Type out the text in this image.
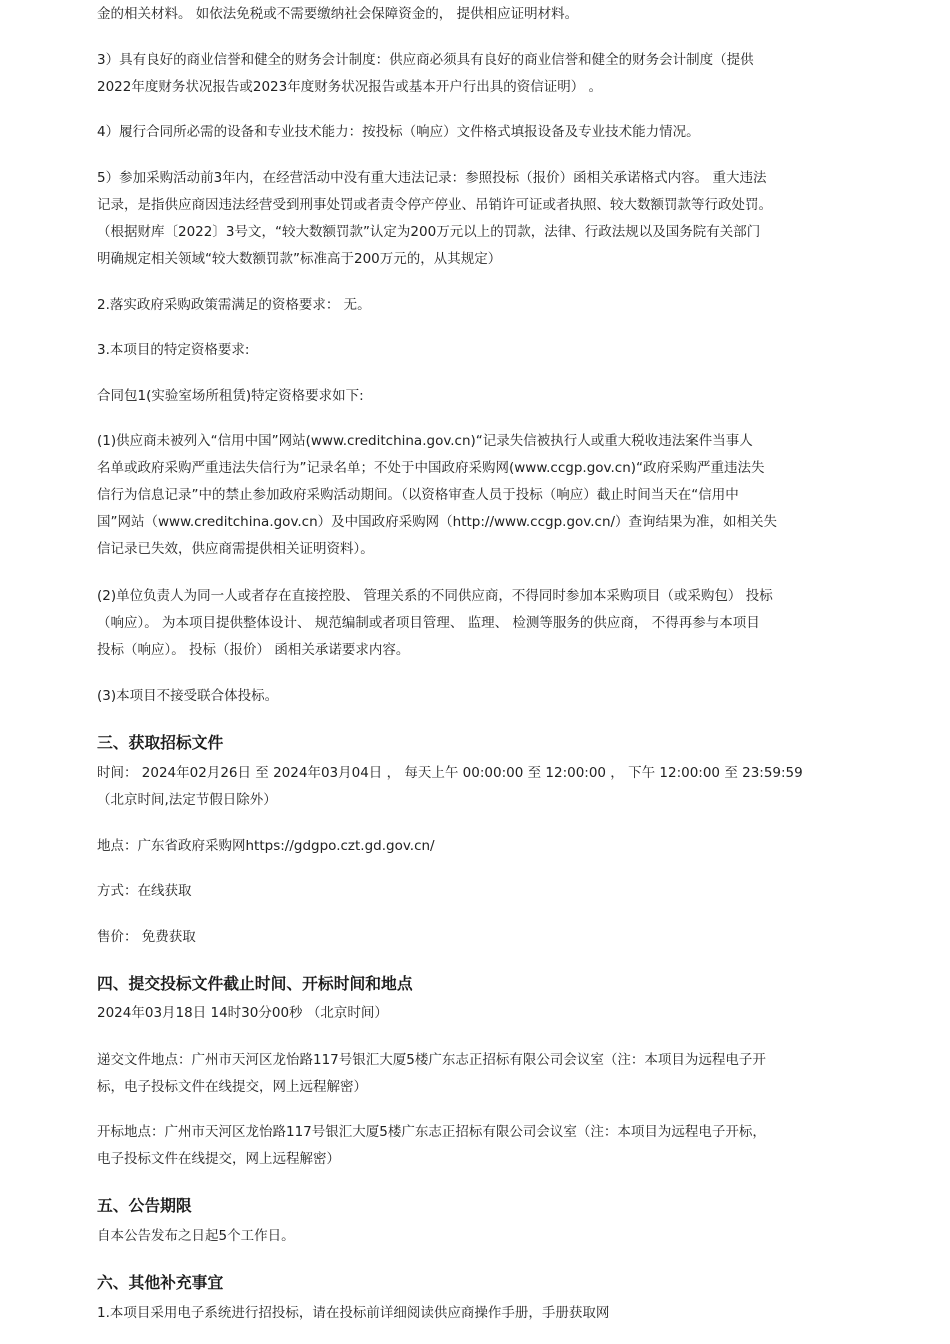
金的相关材料。 如依法免税或不需要缴纳社会保障资金的， 提供相应证明材料。

3）具有良好的商业信誉和健全的财务会计制度：供应商必须具有良好的商业信誉和健全的财务会计制度（提供
2022年度财务状况报告或2023年度财务状况报告或基本开户行出具的资信证明） 。

4）履行合同所必需的设备和专业技术能力：按投标（响应）文件格式填报设备及专业技术能力情况。

5）参加采购活动前3年内，在经营活动中没有重大违法记录：参照投标（报价）函相关承诺格式内容。 重大违法
记录，是指供应商因违法经营受到刑事处罚或者责令停产停业、吊销许可证或者执照、较大数额罚款等行政处罚。
（根据财库〔2022〕3号文，“较大数额罚款”认定为200万元以上的罚款，法律、行政法规以及国务院有关部门
明确规定相关领域“较大数额罚款”标准高于200万元的，从其规定）

2.落实政府采购政策需满足的资格要求： 无。

3.本项目的特定资格要求:

合同包1(实验室场所租赁)特定资格要求如下:

(1)供应商未被列入“信用中国”网站(www.creditchina.gov.cn)“记录失信被执行人或重大税收违法案件当事人
名单或政府采购严重违法失信行为”记录名单；不处于中国政府采购网(www.ccgp.gov.cn)“政府采购严重违法失
信行为信息记录”中的禁止参加政府采购活动期间。（以资格审查人员于投标（响应）截止时间当天在“信用中
国”网站（www.creditchina.gov.cn）及中国政府采购网（http://www.ccgp.gov.cn/）查询结果为准，如相关失
信记录已失效，供应商需提供相关证明资料）。

(2)单位负责人为同一人或者存在直接控股、 管理关系的不同供应商，不得同时参加本采购项目（或采购包） 投标
（响应）。 为本项目提供整体设计、 规范编制或者项目管理、 监理、 检测等服务的供应商， 不得再参与本项目
投标（响应）。 投标（报价） 函相关承诺要求内容。

(3)本项目不接受联合体投标。

三、获取招标文件

时间： 2024年02月26日 至 2024年03月04日 ， 每天上午 00:00:00 至 12:00:00 ， 下午 12:00:00 至 23:59:59
（北京时间,法定节假日除外）

地点：广东省政府采购网https://gdgpo.czt.gd.gov.cn/

方式：在线获取

售价： 免费获取

四、提交投标文件截止时间、开标时间和地点

2024年03月18日 14时30分00秒 （北京时间）

递交文件地点：广州市天河区龙怡路117号银汇大厦5楼广东志正招标有限公司会议室（注：本项目为远程电子开
标，电子投标文件在线提交，网上远程解密）

开标地点：广州市天河区龙怡路117号银汇大厦5楼广东志正招标有限公司会议室（注：本项目为远程电子开标，
电子投标文件在线提交，网上远程解密）

五、公告期限

自本公告发布之日起5个工作日。

六、其他补充事宜

1.本项目采用电子系统进行招投标，请在投标前详细阅读供应商操作手册，手册获取网
